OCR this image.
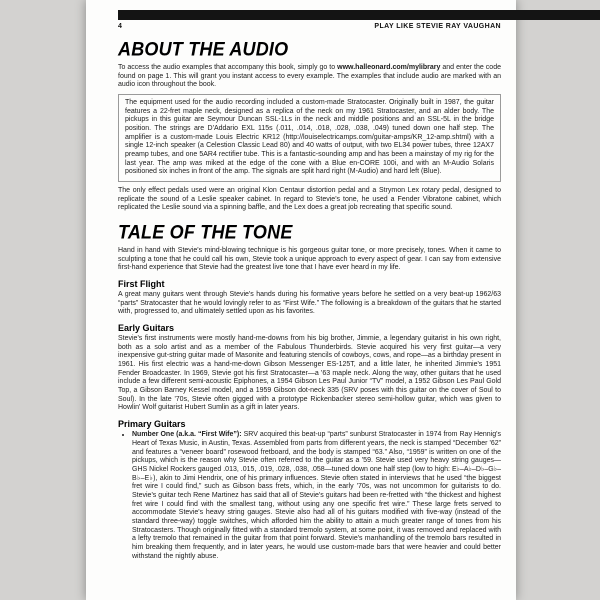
4	PLAY LIKE STEVIE RAY VAUGHAN
ABOUT THE AUDIO

To access the audio examples that accompany this book, simply go to www.halleonard.com/mylibrary and enter the code found on page 1. This will grant you instant access to every example. The examples that include audio are marked with an audio icon throughout the book.

The equipment used for the audio recording included a custom-made Stratocaster. Originally built in 1987, the guitar features a 22-fret maple neck, designed as a replica of the neck on my 1961 Stratocaster, and an alder body. The pickups in this guitar are Seymour Duncan SSL-1Ls in the neck and middle positions and an SSL-5L in the bridge position. The strings are D'Addario EXL 115s (.011, .014, .018, .028, .038, .049) tuned down one half step. The amplifier is a custom-made Louis Electric KR12 (http://louiselectricamps.com/guitar-amps/KR_12-amp.shtml) with a single 12-inch speaker (a Celestion Classic Lead 80) and 40 watts of output, with two EL34 power tubes, three 12AX7 preamp tubes, and one 5AR4 rectifier tube. This is a fantastic-sounding amp and has been a mainstay of my rig for the last year. The amp was miked at the edge of the cone with a Blue en-CORE 100i, and with an M-Audio Solaris positioned six inches in front of the amp. The signals are split hard right (M-Audio) and hard left (Blue).

The only effect pedals used were an original Klon Centaur distortion pedal and a Strymon Lex rotary pedal, designed to replicate the sound of a Leslie speaker cabinet. In regard to Stevie's tone, he used a Fender Vibratone cabinet, which replicated the Leslie sound via a spinning baffle, and the Lex does a great job recreating that specific sound.

TALE OF THE TONE

Hand in hand with Stevie's mind-blowing technique is his gorgeous guitar tone, or more precisely, tones. When it came to sculpting a tone that he could call his own, Stevie took a unique approach to every aspect of gear. I can say from extensive first-hand experience that Stevie had the greatest live tone that I have ever heard in my life.

First Flight

A great many guitars went through Stevie's hands during his formative years before he settled on a very beat-up 1962/63 “parts” Stratocaster that he would lovingly refer to as “First Wife.” The following is a breakdown of the guitars that he started with, progressed to, and ultimately settled upon as his favorites.

Early Guitars

Stevie's first instruments were mostly hand-me-downs from his big brother, Jimmie, a legendary guitarist in his own right, both as a solo artist and as a member of the Fabulous Thunderbirds. Stevie acquired his very first guitar—a very inexpensive gut-string guitar made of Masonite and featuring stencils of cowboys, cows, and rope—as a birthday present in 1961. His first electric was a hand-me-down Gibson Messenger ES-125T, and a little later, he inherited Jimmie's 1951 Fender Broadcaster. In 1969, Stevie got his first Stratocaster—a '63 maple neck. Along the way, other guitars that he used include a few different semi-acoustic Epiphones, a 1954 Gibson Les Paul Junior “TV” model, a 1952 Gibson Les Paul Gold Top, a Gibson Barney Kessel model, and a 1959 Gibson dot-neck 335 (SRV poses with this guitar on the cover of Soul to Soul). In the late '70s, Stevie often gigged with a prototype Rickenbacker stereo semi-hollow guitar, which was given to Howlin' Wolf guitarist Hubert Sumlin as a gift in later years.

Primary Guitars
• Number One (a.k.a. “First Wife”): SRV acquired this beat-up “parts” sunburst Stratocaster in 1974 from Ray Hennig's Heart of Texas Music, in Austin, Texas. Assembled from parts from different years, the neck is stamped “December '62” and features a “veneer board” rosewood fretboard, and the body is stamped “63.” Also, “1959” is written on one of the pickups, which is the reason why Stevie often referred to the guitar as a '59. Stevie used very heavy string gauges—GHS Nickel Rockers gauged .013, .015, .019, .028, .038, .058—tuned down one half step (low to high: E♭–A♭–D♭–G♭–B♭–E♭), akin to Jimi Hendrix, one of his primary influences. Stevie often stated in interviews that he used “the biggest fret wire I could find,” such as Gibson bass frets, which, in the early '70s, was not uncommon for guitarists to do. Stevie's guitar tech Rene Martinez has said that all of Stevie's guitars had been re-fretted with “the thickest and highest fret wire I could find with the smallest tang, without using any one specific fret wire.” These large frets served to accommodate Stevie's heavy string gauges. Stevie also had all of his guitars modified with five-way (instead of the standard three-way) toggle switches, which afforded him the ability to attain a much greater range of tones from his Stratocasters. Though originally fitted with a standard tremolo system, at some point, it was removed and replaced with a lefty tremolo that remained in the guitar from that point forward. Stevie's manhandling of the tremolo bars resulted in him breaking them frequently, and in later years, he would use custom-made bars that were heavier and could better withstand the nightly abuse.
